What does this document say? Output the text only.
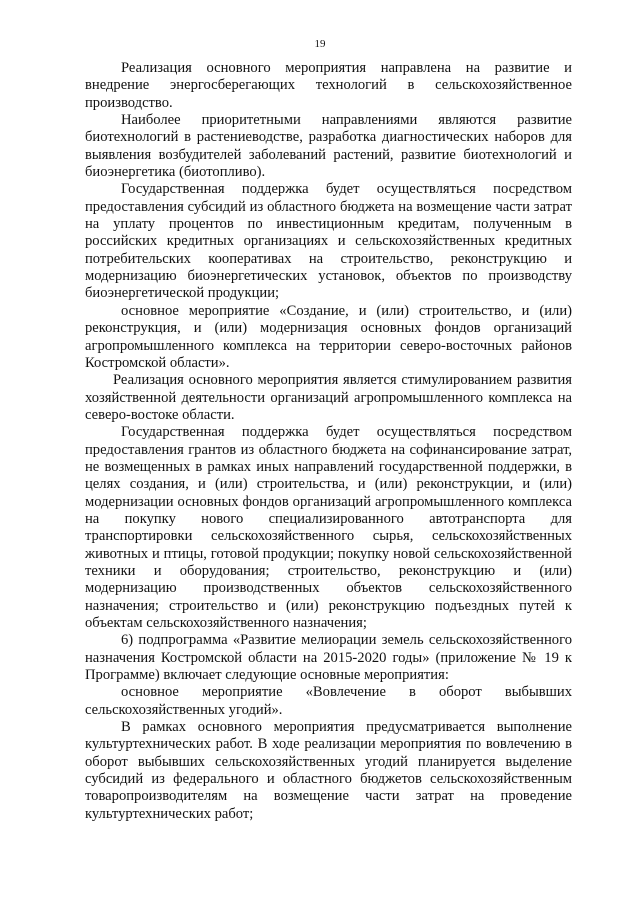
19

Реализация основного мероприятия направлена на развитие и внедрение энергосберегающих технологий в сельскохозяйственное производство.

Наиболее приоритетными направлениями являются развитие биотехнологий в растениеводстве, разработка диагностических наборов для выявления возбудителей заболеваний растений, развитие биотехнологий и биоэнергетика (биотопливо).

Государственная поддержка будет осуществляться посредством предоставления субсидий из областного бюджета на возмещение части затрат на уплату процентов по инвестиционным кредитам, полученным в российских кредитных организациях и сельскохозяйственных кредитных потребительских кооперативах на строительство, реконструкцию и модернизацию биоэнергетических установок, объектов по производству биоэнергетической продукции;

основное мероприятие «Создание, и (или) строительство, и (или) реконструкция, и (или) модернизация основных фондов организаций агропромышленного комплекса на территории северо-восточных районов Костромской области».

Реализация основного мероприятия является стимулированием развития хозяйственной деятельности организаций агропромышленного комплекса на северо-востоке области.

Государственная поддержка будет осуществляться посредством предоставления грантов из областного бюджета на софинансирование затрат, не возмещенных в рамках иных направлений государственной поддержки, в целях создания, и (или) строительства, и (или) реконструкции, и (или) модернизации основных фондов организаций агропромышленного комплекса на покупку нового специализированного автотранспорта для транспортировки сельскохозяйственного сырья, сельскохозяйственных животных и птицы, готовой продукции; покупку новой сельскохозяйственной техники и оборудования; строительство, реконструкцию и (или) модернизацию производственных объектов сельскохозяйственного назначения; строительство и (или) реконструкцию подъездных путей к объектам сельскохозяйственного назначения;

6) подпрограмма «Развитие мелиорации земель сельскохозяйственного назначения Костромской области на 2015-2020 годы» (приложение № 19 к Программе) включает следующие основные мероприятия:

основное мероприятие «Вовлечение в оборот выбывших сельскохозяйственных угодий».

В рамках основного мероприятия предусматривается выполнение культуртехнических работ. В ходе реализации мероприятия по вовлечению в оборот выбывших сельскохозяйственных угодий планируется выделение субсидий из федерального и областного бюджетов сельскохозяйственным товаропроизводителям на возмещение части затрат на проведение культуртехнических работ;
